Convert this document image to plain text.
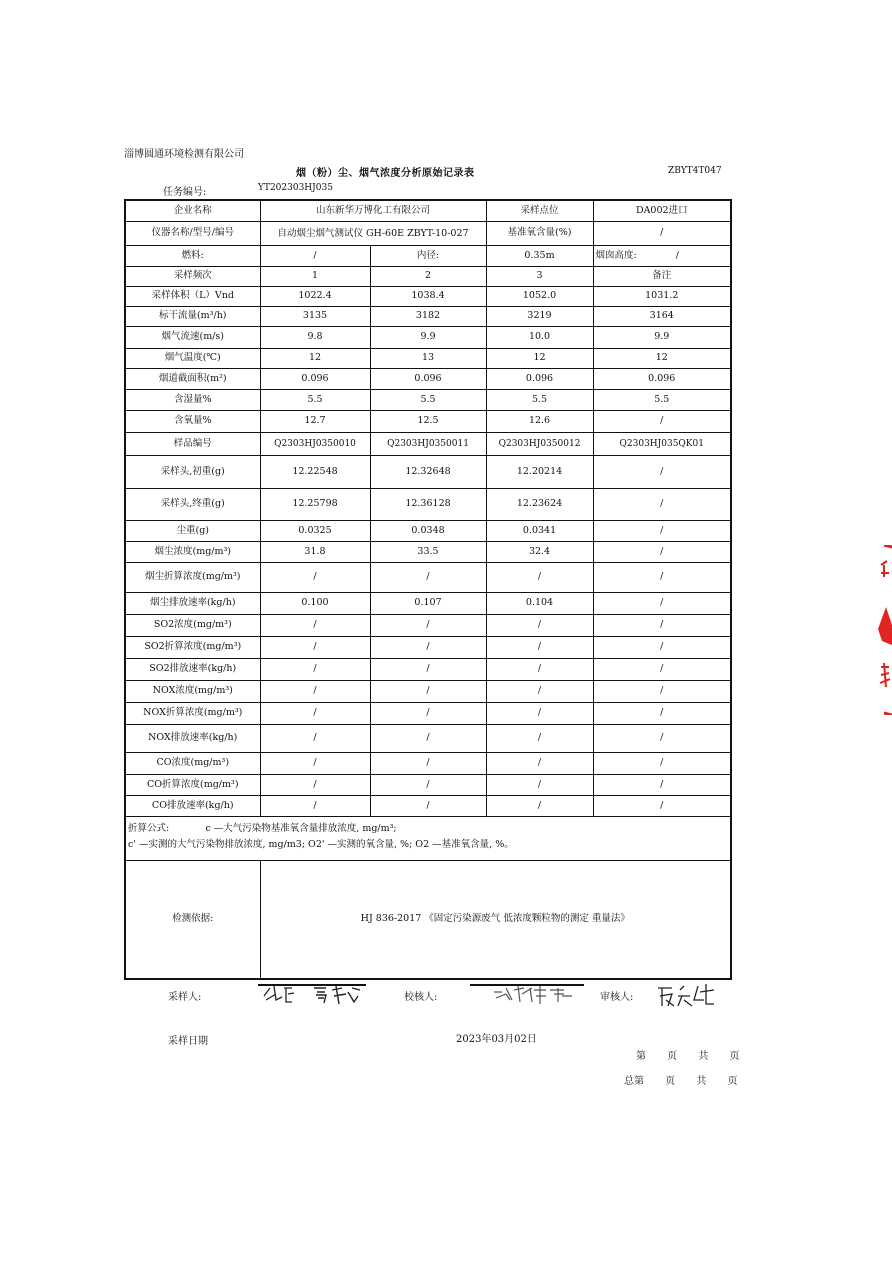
淄博圆通环境检测有限公司
烟（粉）尘、烟气浓度分析原始记录表	ZBYT4T047
任务编号:	YT202303HJ035
企业名称	山东新华万博化工有限公司		采样点位	DA002进口
仪器名称/型号/编号	自动烟尘烟气测试仪 GH-60E ZBYT-10-027		基准氧含量(%)	/
燃料:	/	内径:	0.35m	烟囱高度: /
采样频次	1	2	3	备注
采样体积（L）Vnd	1022.4	1038.4	1052.0	1031.2
标干流量(m³/h)	3135	3182	3219	3164
烟气流速(m/s)	9.8	9.9	10.0	9.9
烟气温度(℃)	12	13	12	12
烟道截面积(m²)	0.096	0.096	0.096	0.096
含湿量%	5.5	5.5	5.5	5.5
含氧量%	12.7	12.5	12.6	/
样品编号	Q2303HJ0350010	Q2303HJ0350011	Q2303HJ0350012	Q2303HJ035QK01
采样头,初重(g)	12.22548	12.32648	12.20214	/
采样头,终重(g)	12.25798	12.36128	12.23624	/
尘重(g)	0.0325	0.0348	0.0341	/
烟尘浓度(mg/m³)	31.8	33.5	32.4	/
烟尘折算浓度(mg/m³)	/	/	/	/
烟尘排放速率(kg/h)	0.100	0.107	0.104	/
SO2浓度(mg/m³)	/	/	/	/
SO2折算浓度(mg/m³)	/	/	/	/
SO2排放速率(kg/h)	/	/	/	/
NOX浓度(mg/m³)	/	/	/	/
NOX折算浓度(mg/m³)	/	/	/	/
NOX排放速率(kg/h)	/	/	/	/
CO浓度(mg/m³)	/	/	/	/
CO折算浓度(mg/m³)	/	/	/	/
CO排放速率(kg/h)	/	/	/	/

折算公式:            c —大气污染物基准氧含量排放浓度, mg/m³;
c' —实测的大气污染物排放浓度, mg/m3; O2' —实测的氧含量, %; O2 —基准氧含量, %。				

检测依据:	HJ 836-2017 《固定污染源废气 低浓度颗粒物的测定 重量法》			
采样人:	校核人:	审核人:
采样日期	2023年03月02日
第 页 共 页
总第 页 共 页
